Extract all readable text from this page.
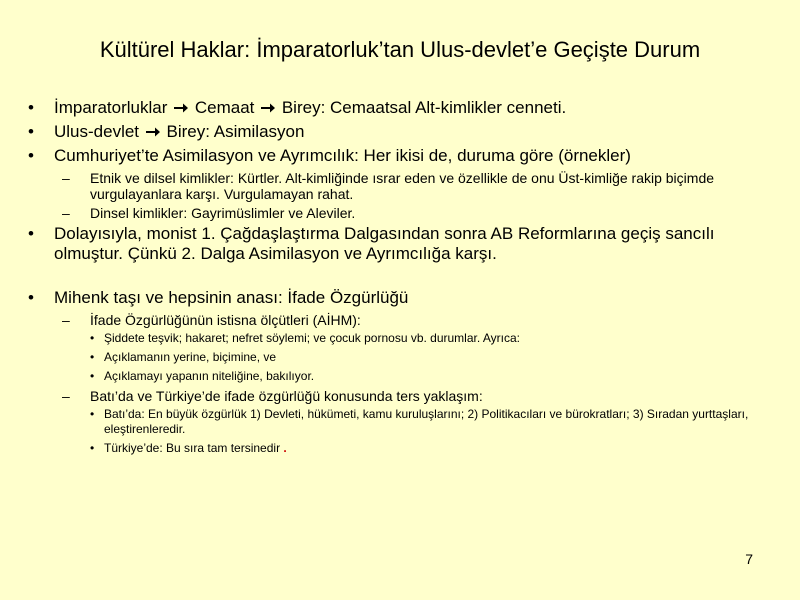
Kültürel Haklar: İmparatorluk’tan Ulus-devlet’e Geçişte Durum
•	İmparatorluklar Cemaat Birey: Cemaatsal Alt-kimlikler cenneti.
•	Ulus-devlet Birey: Asimilasyon
•	Cumhuriyet’te Asimilasyon ve Ayrımcılık: Her ikisi de, duruma göre (örnekler)
–	Etnik ve dilsel kimlikler: Kürtler. Alt-kimliğinde ısrar eden ve özellikle de onu Üst-kimliğe rakip biçimde vurgulayanlara karşı. Vurgulamayan rahat.
–	Dinsel kimlikler: Gayrimüslimler ve Aleviler.
•	Dolayısıyla, monist 1. Çağdaşlaştırma Dalgasından sonra AB Reformlarına geçiş sancılı olmuştur. Çünkü 2. Dalga Asimilasyon ve Ayrımcılığa karşı.
•	Mihenk taşı ve hepsinin anası: İfade Özgürlüğü
–	İfade Özgürlüğünün istisna ölçütleri (AİHM):
• Şiddete teşvik; hakaret; nefret söylemi; ve çocuk pornosu vb. durumlar. Ayrıca:
• Açıklamanın yerine, biçimine, ve
• Açıklamayı yapanın niteliğine, bakılıyor.
–	Batı’da ve Türkiye’de ifade özgürlüğü konusunda ters yaklaşım:
• Batı’da: En büyük özgürlük 1) Devleti, hükümeti, kamu kuruluşlarını; 2) Politikacıları ve bürokratları; 3) Sıradan yurttaşları, eleştirenleredir.
• Türkiye’de: Bu sıra tam tersinedir .
7
